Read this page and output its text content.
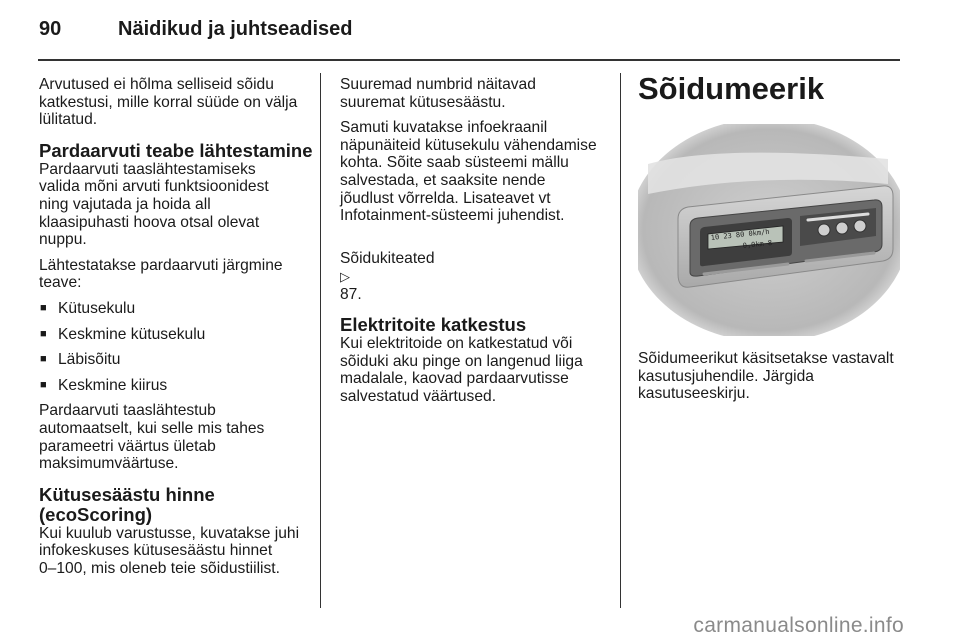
90	Näidikud ja juhtseadised

Arvutused ei hõlma selliseid sõidu
katkestusi, mille korral süüde on välja
lülitatud.

Pardaarvuti teabe lähtestamine

Pardaarvuti taaslähtestamiseks
valida mõni arvuti funktsioonidest
ning vajutada ja hoida all
klaasipuhasti hoova otsal olevat
nuppu.

Lähtestatakse pardaarvuti järgmine
teave:

■ Kütusekulu
■ Keskmine kütusekulu
■ Läbisõitu
■ Keskmine kiirus

Pardaarvuti taaslähtestub
automaatselt, kui selle mis tahes
parameetri väärtus ületab
maksimumväärtuse.

Kütusesäästu hinne
(ecoScoring)

Kui kuulub varustusse, kuvatakse juhi
infokeskuses kütusesäästu hinnet
0–100, mis oleneb teie sõidustiilist.

Suuremad numbrid näitavad
suuremat kütusesäästu.

Samuti kuvatakse infoekraanil
näpunäiteid kütusekulu vähendamise
kohta. Sõite saab süsteemi mällu
salvestada, et saaksite nende
jõudlust võrrelda. Lisateavet vt
Infotainment-süsteemi juhendist.

Sõidukiteated
▷
87.

Elektritoite katkestus

Kui elektritoide on katkestatud või
sõiduki aku pinge on langenud liiga
madalale, kaovad pardaarvutisse
salvestatud väärtused.

Sõidumeerik
10 23 80 0km/h
0,0km 8

Sõidumeerikut käsitsetakse vastavalt
kasutusjuhendile. Järgida
kasutuseeskirju.

carmanualsonline.info
